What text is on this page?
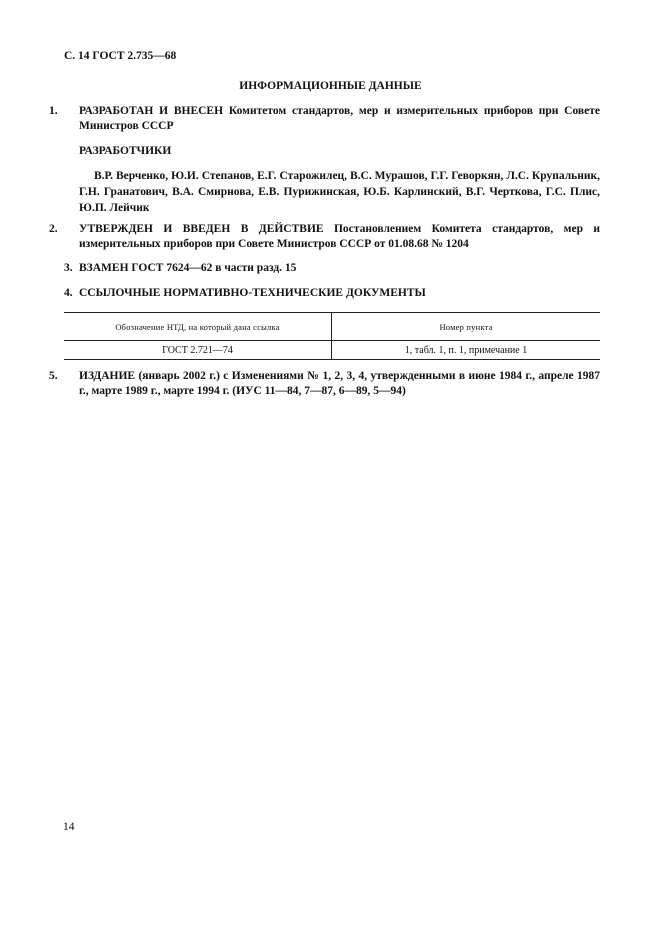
С. 14 ГОСТ 2.735—68
ИНФОРМАЦИОННЫЕ ДАННЫЕ
1. РАЗРАБОТАН И ВНЕСЕН Комитетом стандартов, мер и измерительных приборов при Совете Министров СССР
РАЗРАБОТЧИКИ
В.Р. Верченко, Ю.И. Степанов, Е.Г. Старожилец, В.С. Мурашов, Г.Г. Геворкян, Л.С. Крупальник, Г.Н. Гранатович, В.А. Смирнова, Е.В. Пурижинская, Ю.Б. Карлинский, В.Г. Черткова, Г.С. Плис, Ю.П. Лейчик
2. УТВЕРЖДЕН И ВВЕДЕН В ДЕЙСТВИЕ Постановлением Комитета стандартов, мер и измерительных приборов при Совете Министров СССР от 01.08.68 № 1204
3. ВЗАМЕН ГОСТ 7624—62 в части разд. 15
4. ССЫЛОЧНЫЕ НОРМАТИВНО-ТЕХНИЧЕСКИЕ ДОКУМЕНТЫ
Обозначение НТД, на который дана ссылка	Номер пункта
ГОСТ 2.721—74	1, табл. 1, п. 1, примечание 1
5. ИЗДАНИЕ (январь 2002 г.) с Изменениями № 1, 2, 3, 4, утвержденными в июне 1984 г., апреле 1987 г., марте 1989 г., марте 1994 г. (ИУС 11—84, 7—87, 6—89, 5—94)
14
